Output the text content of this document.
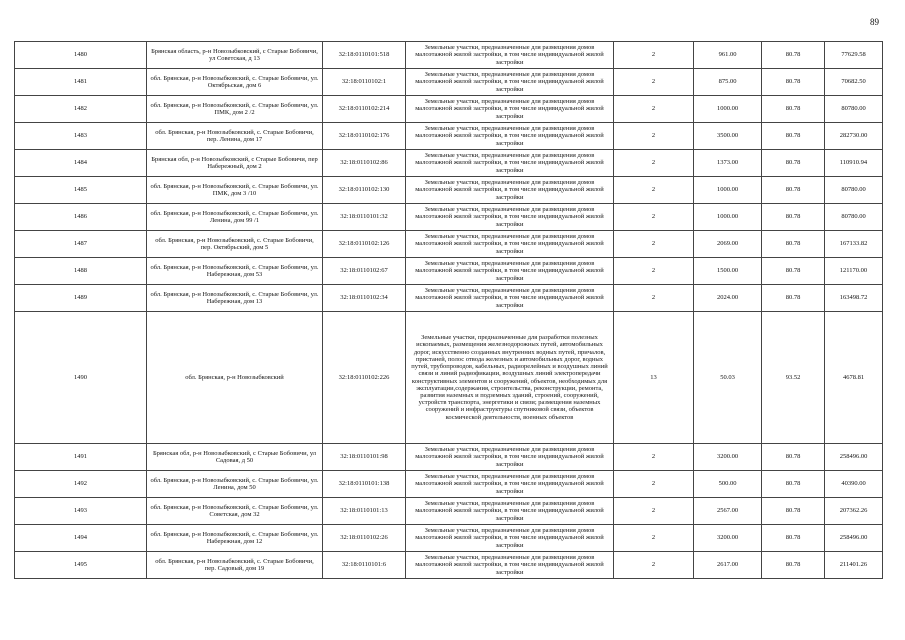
89
1480	Брянская область, р-н Новозыбковский, с Старые Бобовичи, ул Советская, д 13	32:18:0110101:518	Земельные участки, предназначенные для размещения домов малоэтажной жилой застройки, в том числе индивидуальной жилой застройки	2	961.00	80.78	77629.58
1481	обл. Брянская, р-н Новозыбковский, с. Старые Бобовичи, ул. Октябрьская, дом 6	32:18:0110102:1	Земельные участки, предназначенные для размещения домов малоэтажной жилой застройки, в том числе индивидуальной жилой застройки	2	875.00	80.78	70682.50
1482	обл. Брянская, р-н Новозыбковский, с. Старые Бобовичи, ул. ПМК, дом 2 /2	32:18:0110102:214	Земельные участки, предназначенные для размещения домов малоэтажной жилой застройки, в том числе индивидуальной жилой застройки	2	1000.00	80.78	80780.00
1483	обл. Брянская, р-н Новозыбковский, с. Старые Бобовичи, пер. Ленина, дом 17	32:18:0110102:176	Земельные участки, предназначенные для размещения домов малоэтажной жилой застройки, в том числе индивидуальной жилой застройки	2	3500.00	80.78	282730.00
1484	Брянская обл, р-н Новозыбковский, с Старые Бобовичи, пер Набережный, дом 2	32:18:0110102:86	Земельные участки, предназначенные для размещения домов малоэтажной жилой застройки, в том числе индивидуальной жилой застройки	2	1373.00	80.78	110910.94
1485	обл. Брянская, р-н Новозыбковский, с. Старые Бобовичи, ул. ПМК, дом 3 /10	32:18:0110102:130	Земельные участки, предназначенные для размещения домов малоэтажной жилой застройки, в том числе индивидуальной жилой застройки	2	1000.00	80.78	80780.00
1486	обл. Брянская, р-н Новозыбковский, с. Старые Бобовичи, ул. Ленина, дом 99 /1	32:18:0110101:32	Земельные участки, предназначенные для размещения домов малоэтажной жилой застройки, в том числе индивидуальной жилой застройки	2	1000.00	80.78	80780.00
1487	обл. Брянская, р-н Новозыбковский, с. Старые Бобовичи, пер. Октябрьский, дом 5	32:18:0110102:126	Земельные участки, предназначенные для размещения домов малоэтажной жилой застройки, в том числе индивидуальной жилой застройки	2	2069.00	80.78	167133.82
1488	обл. Брянская, р-н Новозыбковский, с. Старые Бобовичи, ул. Набережная, дом 53	32:18:0110102:67	Земельные участки, предназначенные для размещения домов малоэтажной жилой застройки, в том числе индивидуальной жилой застройки	2	1500.00	80.78	121170.00
1489	обл. Брянская, р-н Новозыбковский, с. Старые Бобовичи, ул. Набережная, дом 13	32:18:0110102:34	Земельные участки, предназначенные для размещения домов малоэтажной жилой застройки, в том числе индивидуальной жилой застройки	2	2024.00	80.78	163498.72
1490	обл. Брянская, р-н Новозыбковский	32:18:0110102:226	Земельные участки, предназначенные для разработки полезных ископаемых, размещения железнодорожных путей, автомобильных дорог, искусственно созданных внутренних водных путей, причалов, пристаней, полос отвода железных и автомобильных дорог, водных путей, трубопроводов, кабельных, радиорелейных и воздушных линий связи и линий радиофикации, воздушных линий электропередачи конструктивных элементов и сооружений, объектов, необходимых для эксплуатации,содержания, строительства, реконструкции, ремонта, развития наземных и подземных зданий, строений, сооружений, устройств транспорта, энергетики и связи; размещения наземных сооружений и инфраструктуры спутниковой связи, объектов космической деятельности, военных объектов	13	50.03	93.52	4678.81
1491	Брянская обл, р-н Новозыбковский, с Старые Бобовичи, ул Садовая, д 50	32:18:0110101:98	Земельные участки, предназначенные для размещения домов малоэтажной жилой застройки, в том числе индивидуальной жилой застройки	2	3200.00	80.78	258496.00
1492	обл. Брянская, р-н Новозыбковский, с. Старые Бобовичи, ул. Ленина, дом 50	32:18:0110101:138	Земельные участки, предназначенные для размещения домов малоэтажной жилой застройки, в том числе индивидуальной жилой застройки	2	500.00	80.78	40390.00
1493	обл. Брянская, р-н Новозыбковский, с. Старые Бобовичи, ул. Советская, дом 32	32:18:0110101:13	Земельные участки, предназначенные для размещения домов малоэтажной жилой застройки, в том числе индивидуальной жилой застройки	2	2567.00	80.78	207362.26
1494	обл. Брянская, р-н Новозыбковский, с. Старые Бобовичи, ул. Набережная, дом 12	32:18:0110102:26	Земельные участки, предназначенные для размещения домов малоэтажной жилой застройки, в том числе индивидуальной жилой застройки	2	3200.00	80.78	258496.00
1495	обл. Брянская, р-н Новозыбковский, с. Старые Бобовичи, пер. Садовый, дом 19	32:18:0110101:6	Земельные участки, предназначенные для размещения домов малоэтажной жилой застройки, в том числе индивидуальной жилой застройки	2	2617.00	80.78	211401.26
